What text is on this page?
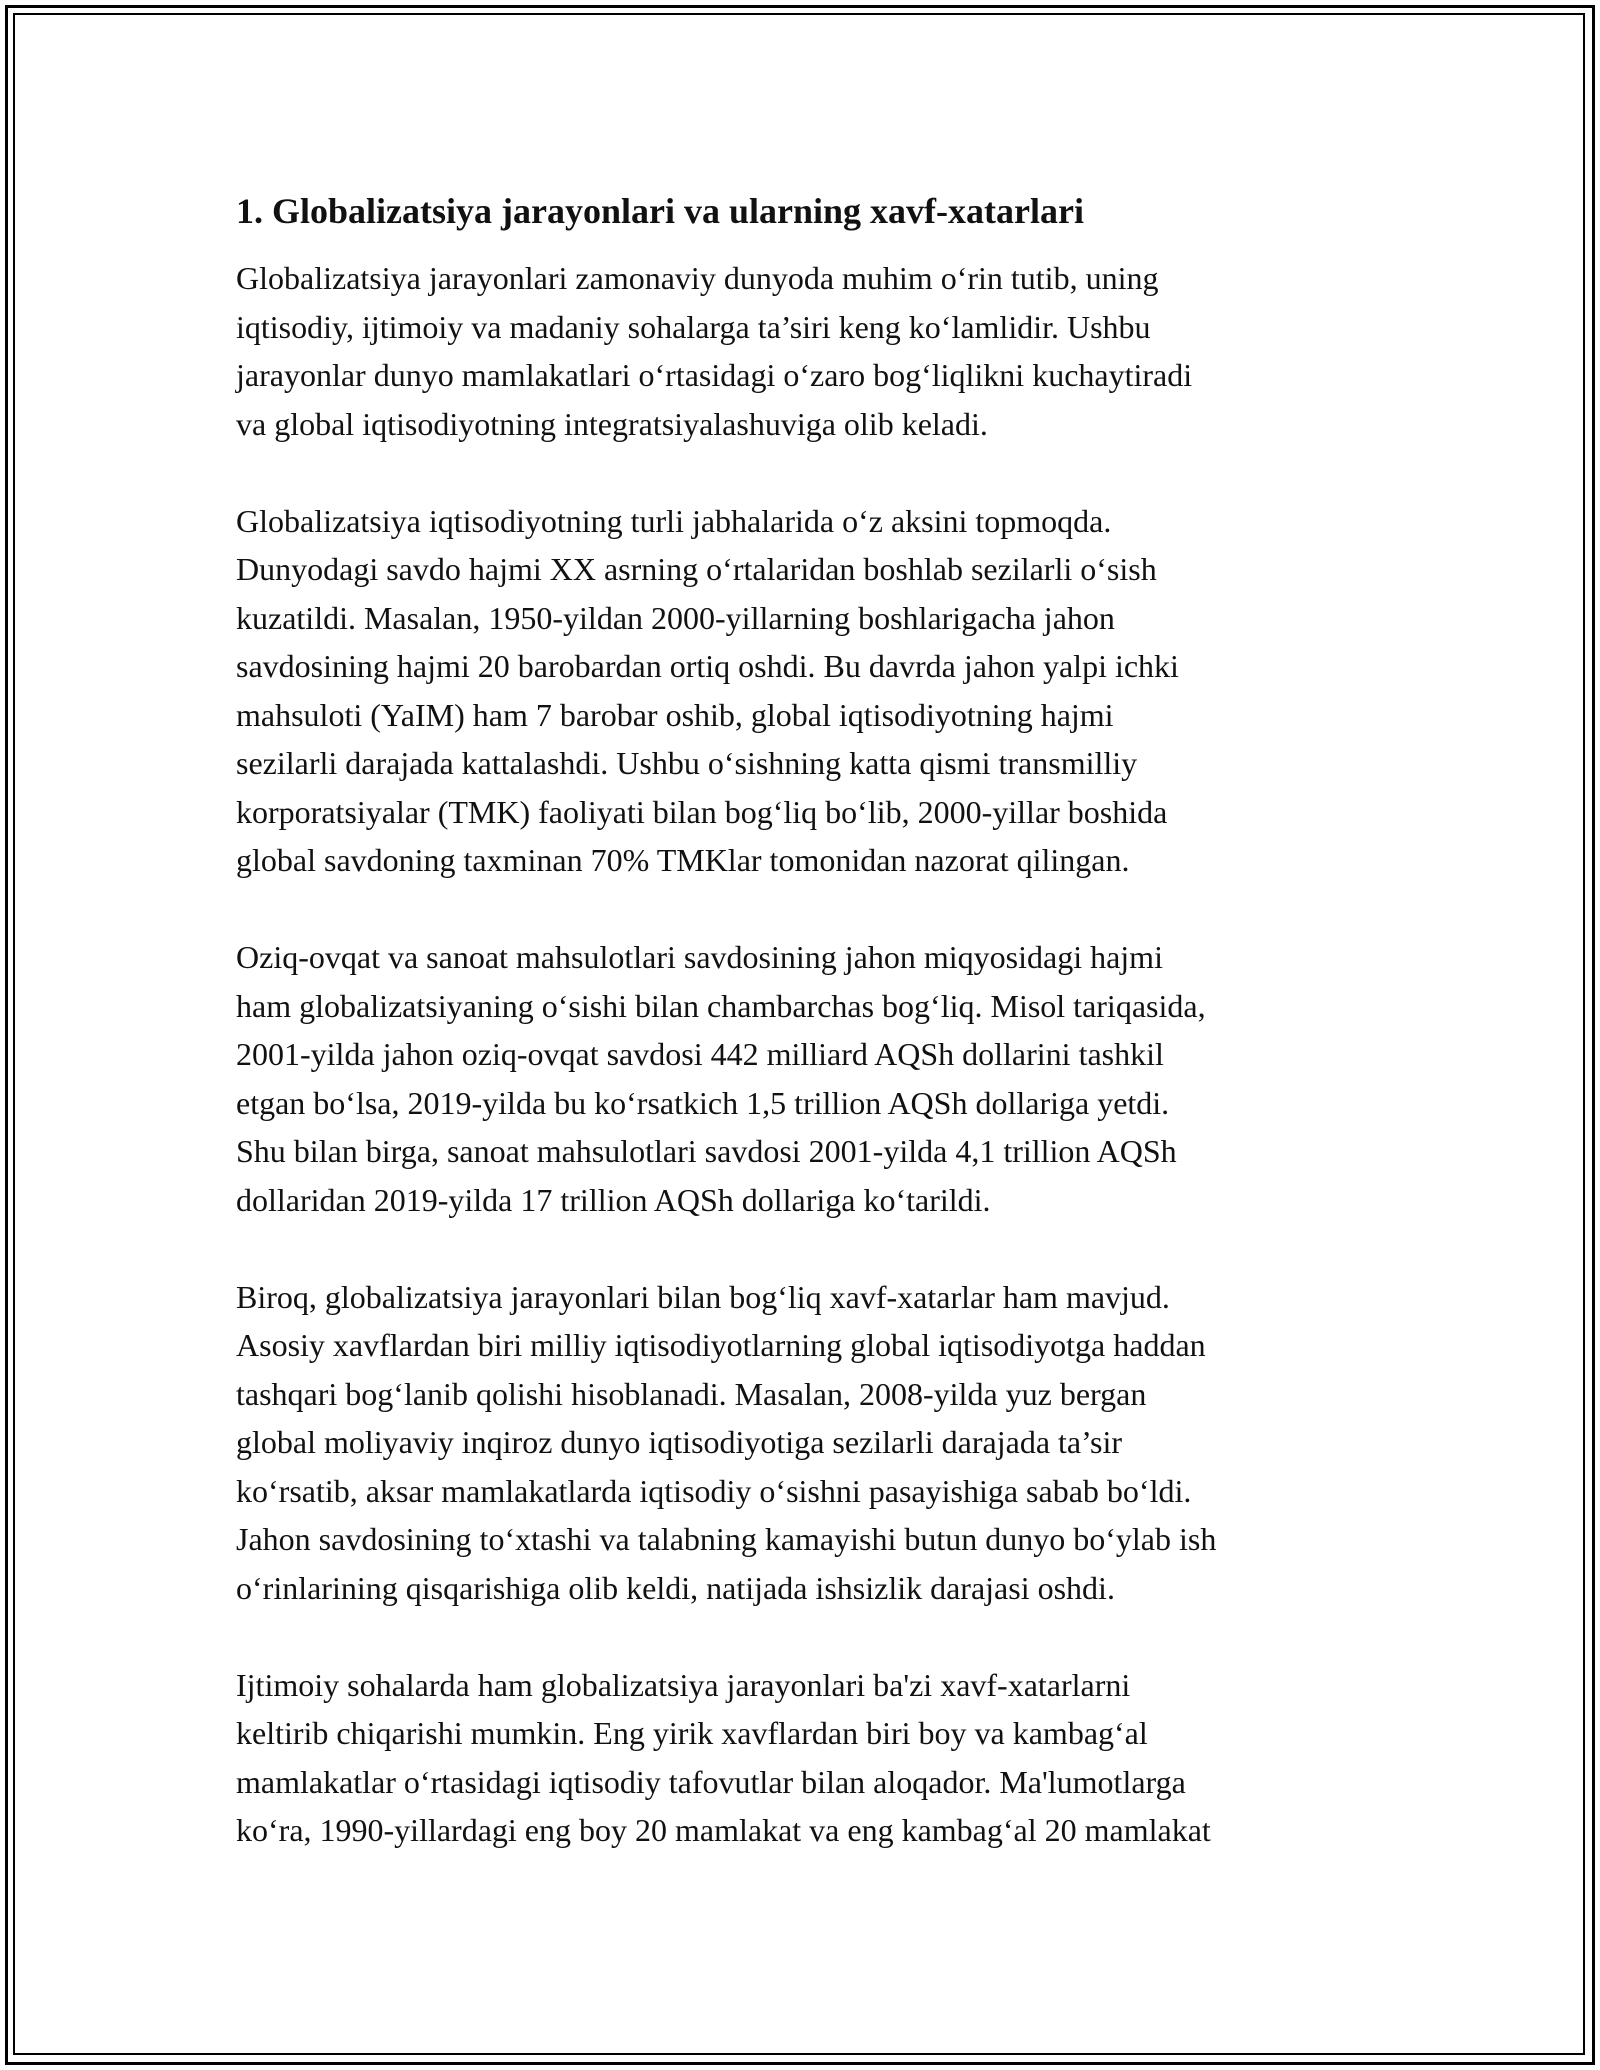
1. Globalizatsiya jarayonlari va ularning xavf-xatarlari

Globalizatsiya jarayonlari zamonaviy dunyoda muhim o‘rin tutib, uning
iqtisodiy, ijtimoiy va madaniy sohalarga ta’siri keng ko‘lamlidir. Ushbu
jarayonlar dunyo mamlakatlari o‘rtasidagi o‘zaro bog‘liqlikni kuchaytiradi
va global iqtisodiyotning integratsiyalashuviga olib keladi.

Globalizatsiya iqtisodiyotning turli jabhalarida o‘z aksini topmoqda.
Dunyodagi savdo hajmi XX asrning o‘rtalaridan boshlab sezilarli o‘sish
kuzatildi. Masalan, 1950-yildan 2000-yillarning boshlarigacha jahon
savdosining hajmi 20 barobardan ortiq oshdi. Bu davrda jahon yalpi ichki
mahsuloti (YaIM) ham 7 barobar oshib, global iqtisodiyotning hajmi
sezilarli darajada kattalashdi. Ushbu o‘sishning katta qismi transmilliy
korporatsiyalar (TMK) faoliyati bilan bog‘liq bo‘lib, 2000-yillar boshida
global savdoning taxminan 70% TMKlar tomonidan nazorat qilingan.

Oziq-ovqat va sanoat mahsulotlari savdosining jahon miqyosidagi hajmi
ham globalizatsiyaning o‘sishi bilan chambarchas bog‘liq. Misol tariqasida,
2001-yilda jahon oziq-ovqat savdosi 442 milliard AQSh dollarini tashkil
etgan bo‘lsa, 2019-yilda bu ko‘rsatkich 1,5 trillion AQSh dollariga yetdi.
Shu bilan birga, sanoat mahsulotlari savdosi 2001-yilda 4,1 trillion AQSh
dollaridan 2019-yilda 17 trillion AQSh dollariga ko‘tarildi.

Biroq, globalizatsiya jarayonlari bilan bog‘liq xavf-xatarlar ham mavjud.
Asosiy xavflardan biri milliy iqtisodiyotlarning global iqtisodiyotga haddan
tashqari bog‘lanib qolishi hisoblanadi. Masalan, 2008-yilda yuz bergan
global moliyaviy inqiroz dunyo iqtisodiyotiga sezilarli darajada ta’sir
ko‘rsatib, aksar mamlakatlarda iqtisodiy o‘sishni pasayishiga sabab bo‘ldi.
Jahon savdosining to‘xtashi va talabning kamayishi butun dunyo bo‘ylab ish
o‘rinlarining qisqarishiga olib keldi, natijada ishsizlik darajasi oshdi.

Ijtimoiy sohalarda ham globalizatsiya jarayonlari ba'zi xavf-xatarlarni
keltirib chiqarishi mumkin. Eng yirik xavflardan biri boy va kambag‘al
mamlakatlar o‘rtasidagi iqtisodiy tafovutlar bilan aloqador. Ma'lumotlarga
ko‘ra, 1990-yillardagi eng boy 20 mamlakat va eng kambag‘al 20 mamlakat
